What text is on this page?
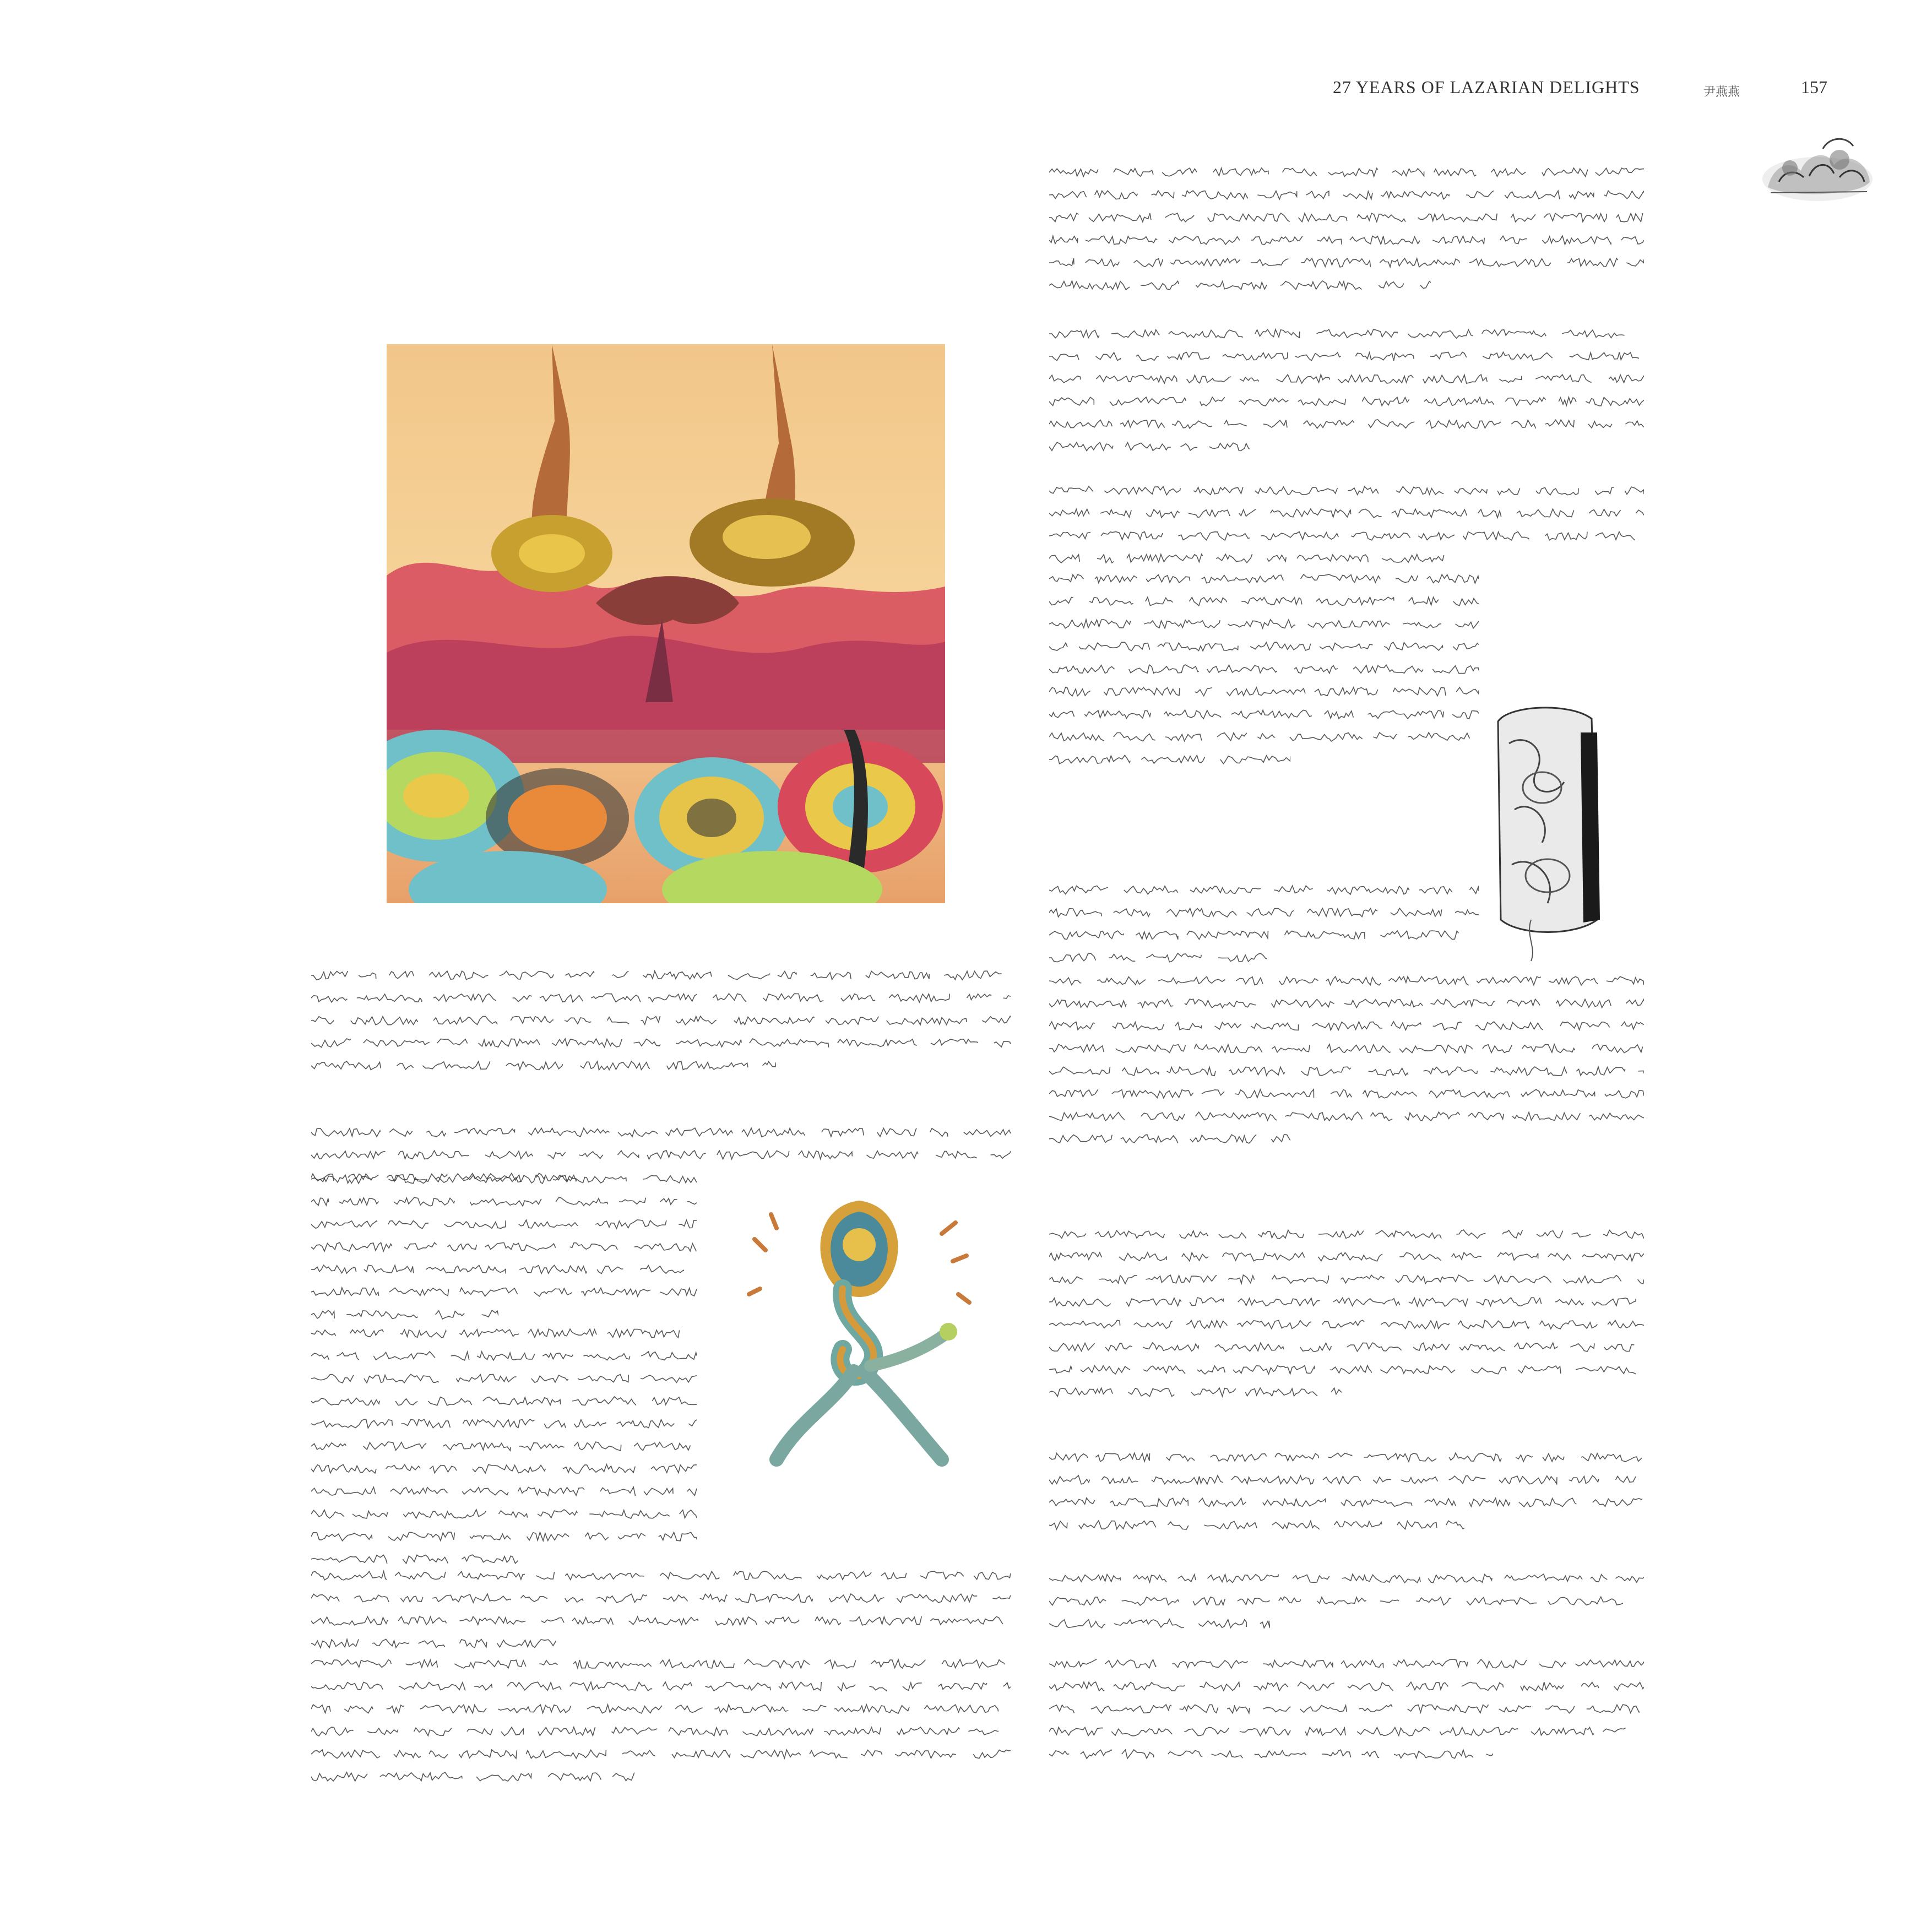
27 YEARS OF LAZARIAN DELIGHTS	尹燕燕	157
